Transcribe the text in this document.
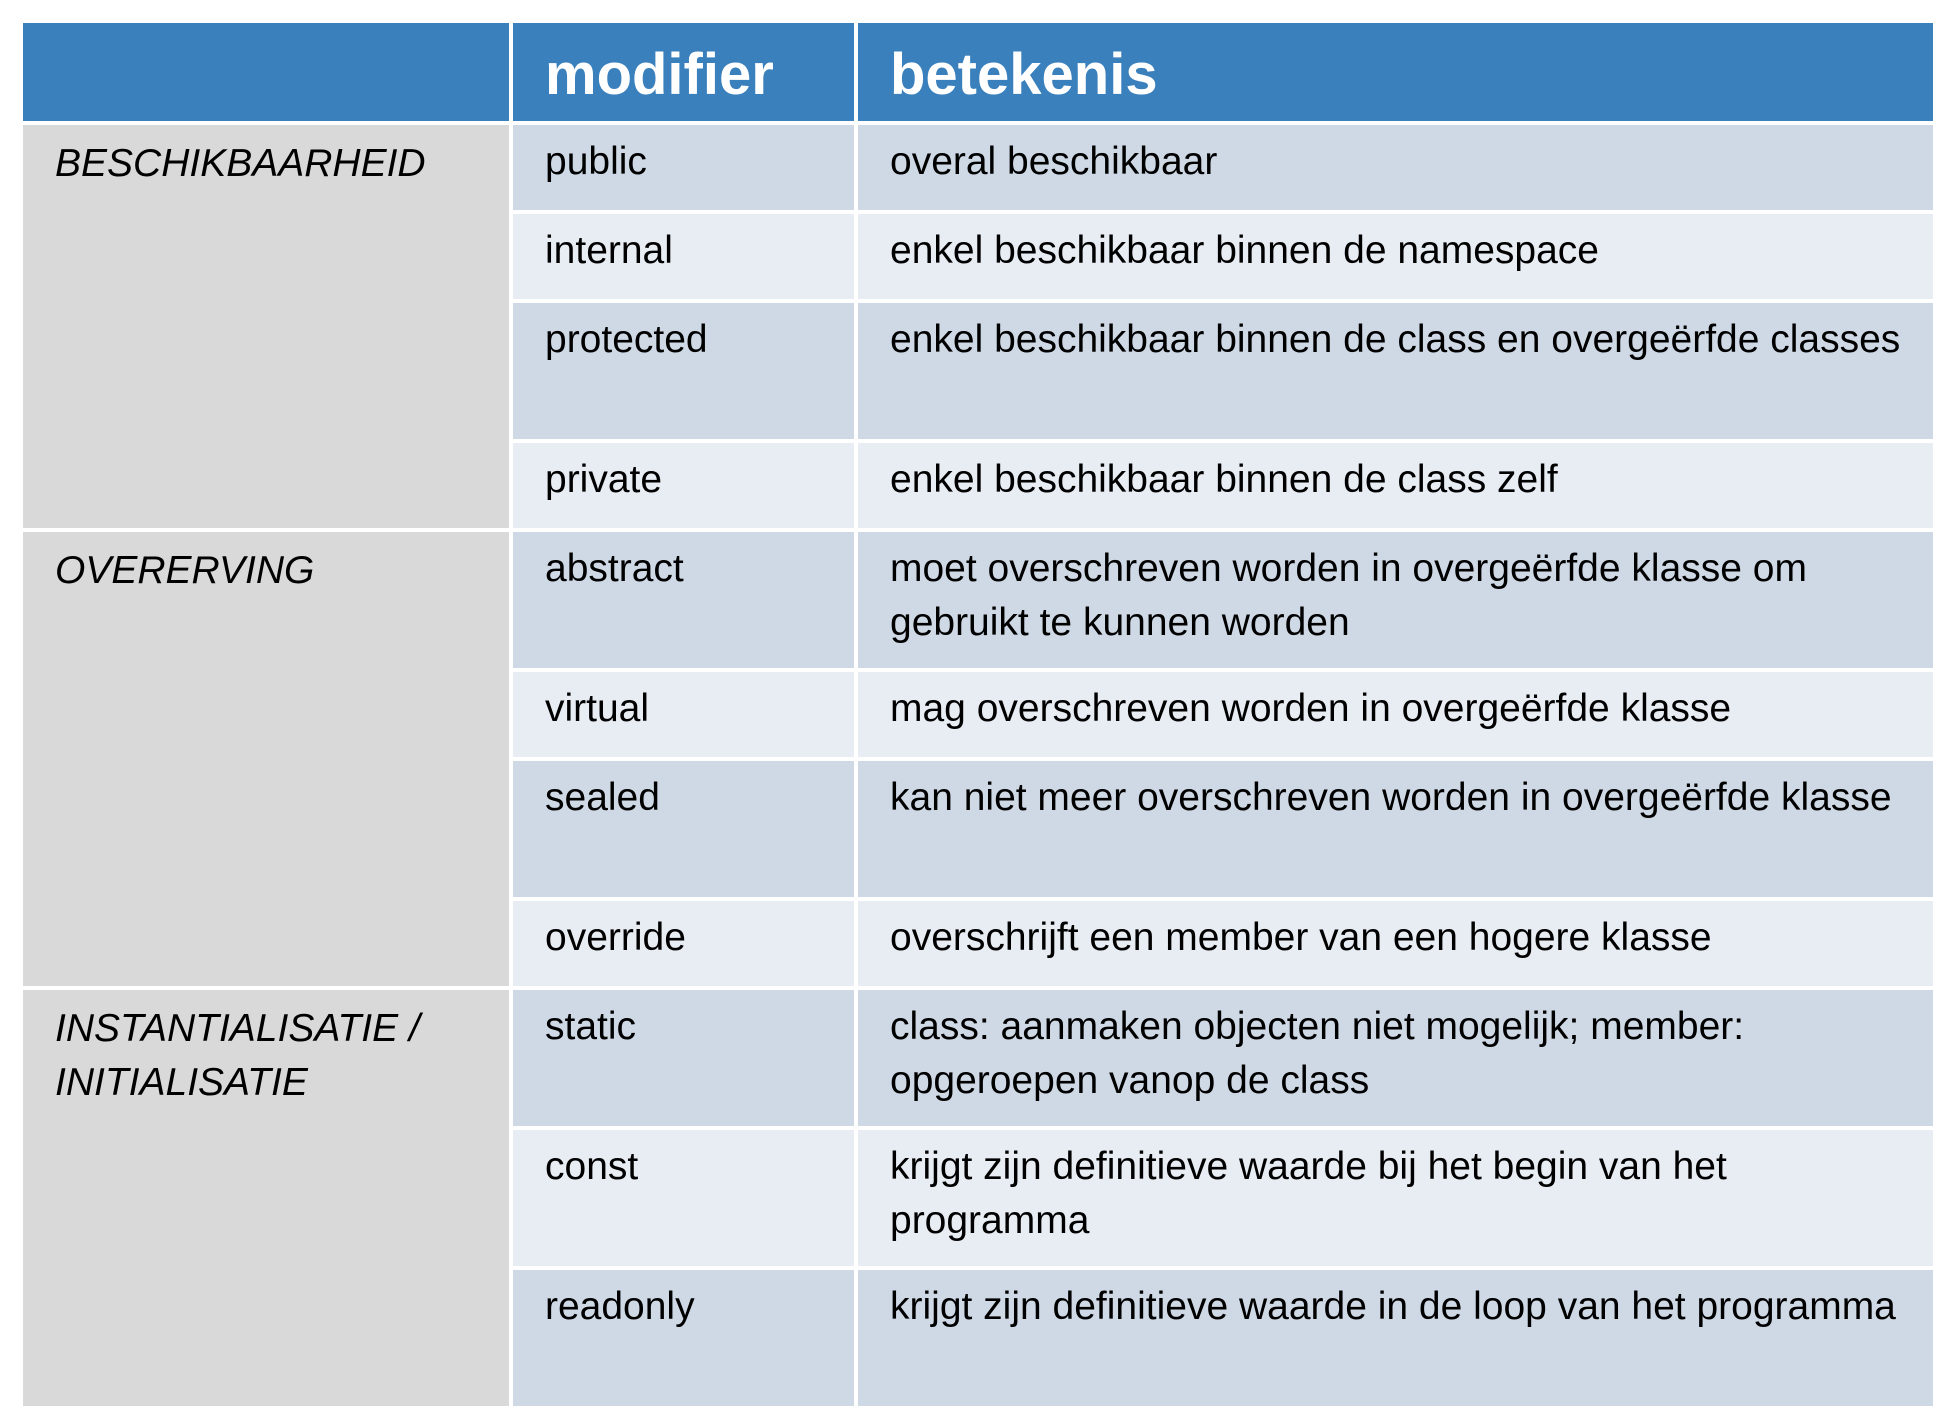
	modifier	betekenis
BESCHIKBAARHEID	public	overal beschikbaar
	internal	enkel beschikbaar binnen de namespace
	protected	enkel beschikbaar binnen de class en overgeërfde classes
	private	enkel beschikbaar binnen de class zelf
OVERERVING	abstract	moet overschreven worden in overgeërfde klasse om gebruikt te kunnen worden
	virtual	mag overschreven worden in overgeërfde klasse
	sealed	kan niet meer overschreven worden in overgeërfde klasse
	override	overschrijft een member van een hogere klasse
INSTANTIALISATIE / INITIALISATIE	static	class: aanmaken objecten niet mogelijk; member: opgeroepen vanop de class
	const	krijgt zijn definitieve waarde bij het begin van het programma
	readonly	krijgt zijn definitieve waarde in de loop van het programma
